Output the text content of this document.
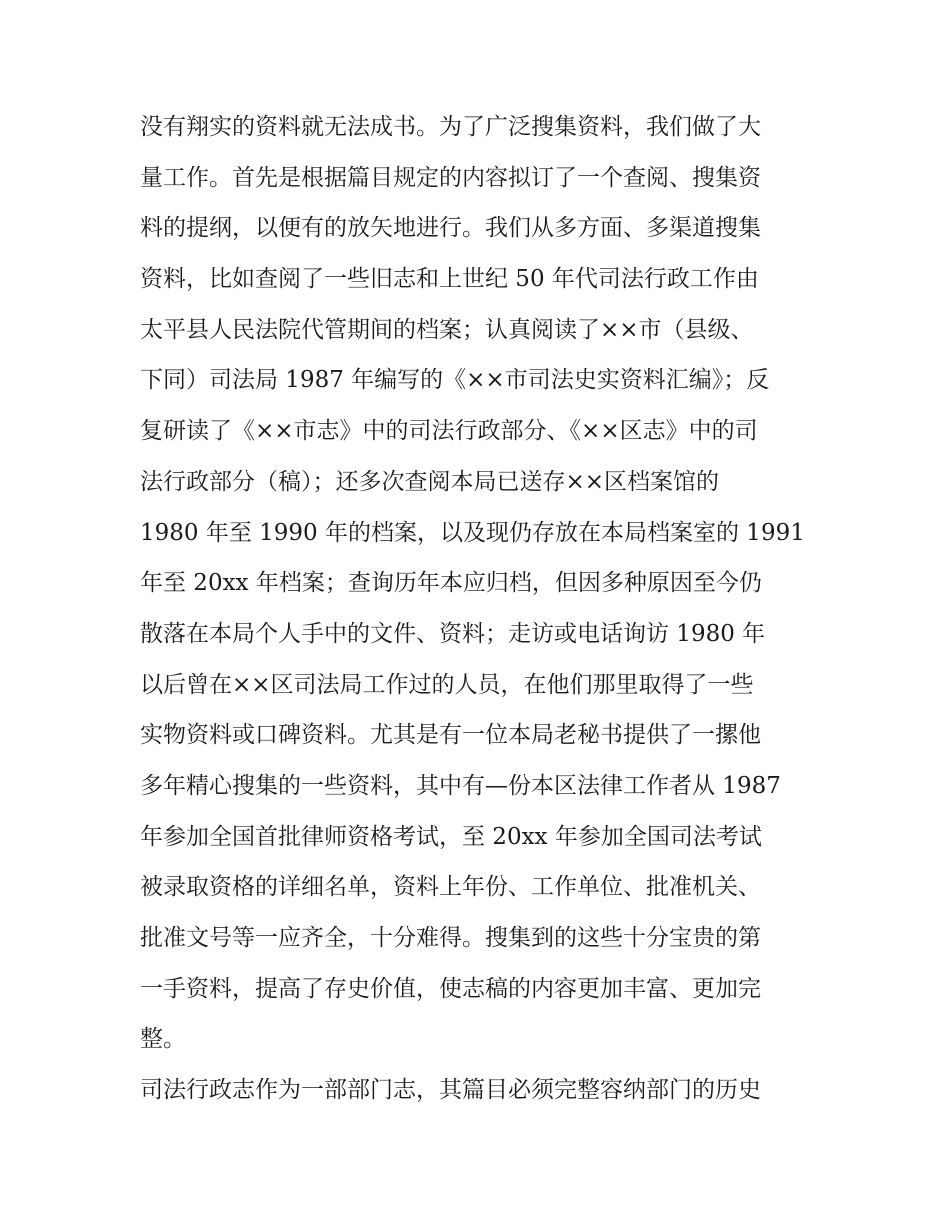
没有翔实的资料就无法成书。为了广泛搜集资料，我们做了大
量工作。首先是根据篇目规定的内容拟订了一个查阅、搜集资
料的提纲，以便有的放矢地进行。我们从多方面、多渠道搜集
资料，比如查阅了一些旧志和上世纪 50 年代司法行政工作由
太平县人民法院代管期间的档案；认真阅读了××市（县级、
下同）司法局 1987 年编写的《××市司法史实资料汇编》；反
复研读了《××市志》中的司法行政部分、《××区志》中的司
法行政部分（稿）；还多次查阅本局已送存××区档案馆的
1980 年至 1990 年的档案，以及现仍存放在本局档案室的 1991
年至 20xx 年档案；查询历年本应归档，但因多种原因至今仍
散落在本局个人手中的文件、资料；走访或电话询访 1980 年
以后曾在××区司法局工作过的人员，在他们那里取得了一些
实物资料或口碑资料。尤其是有一位本局老秘书提供了一摞他
多年精心搜集的一些资料，其中有—份本区法律工作者从 1987
年参加全国首批律师资格考试，至 20xx 年参加全国司法考试
被录取资格的详细名单，资料上年份、工作单位、批准机关、
批准文号等一应齐全，十分难得。搜集到的这些十分宝贵的第
一手资料，提高了存史价值，使志稿的内容更加丰富、更加完
整。
司法行政志作为一部部门志，其篇目必须完整容纳部门的历史
